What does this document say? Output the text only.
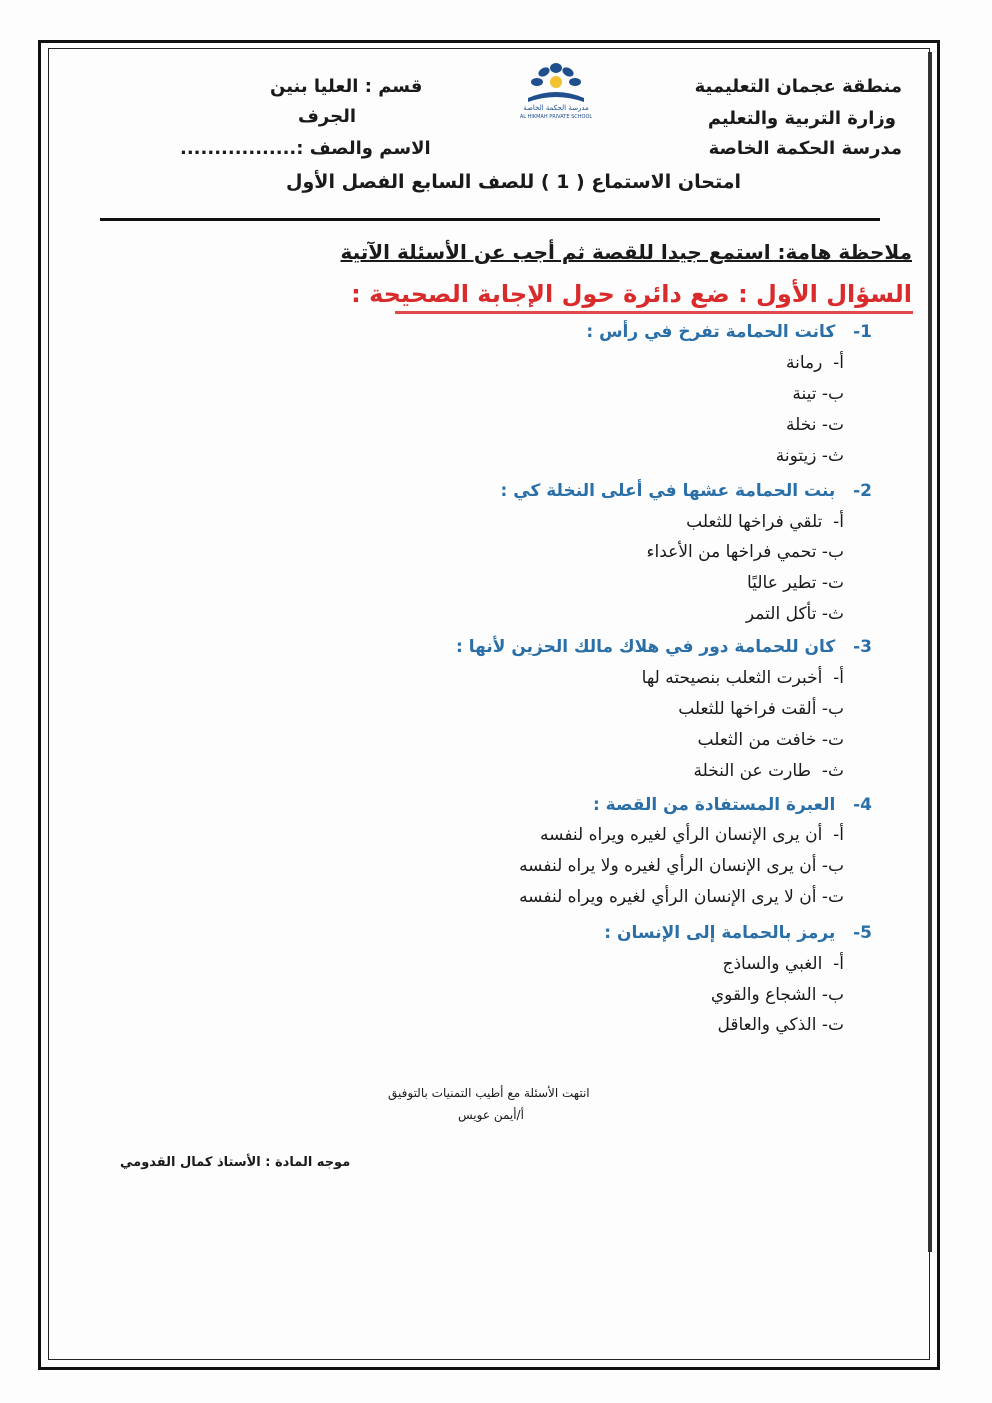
منطقة عجمان التعليمية
وزارة التربية والتعليم
مدرسة الحكمة الخاصة
قسم : العليا بنين
الجرف
الاسم والصف :.................
مدرسة الحكمة الخاصة
AL HIKMAH PRIVATE SCHOOL
امتحان الاستماع ( 1 ) للصف السابع الفصل الأول
ملاحظة هامة: استمع جيدا للقصة ثم أجب عن الأسئلة الآتية
السؤال الأول : ضع دائرة حول الإجابة الصحيحة :
1-   كانت الحمامة تفرخ في رأس :
أ-  رمانة
ب- تينة
ت- نخلة
ث- زيتونة
2-   بنت الحمامة عشها في أعلى النخلة كي :
أ-  تلقي فراخها للثعلب
ب- تحمي فراخها من الأعداء
ت- تطير عاليًا
ث- تأكل التمر
3-   كان للحمامة دور في هلاك مالك الحزين لأنها :
أ-  أخبرت الثعلب بنصيحته لها
ب- ألقت فراخها للثعلب
ت- خافت من الثعلب
ث-  طارت عن النخلة
4-   العبرة المستفادة من القصة :
أ-  أن يرى الإنسان الرأي لغيره ويراه لنفسه
ب- أن يرى الإنسان الرأي لغيره ولا يراه لنفسه
ت- أن لا يرى الإنسان الرأي لغيره ويراه لنفسه
5-   يرمز بالحمامة إلى الإنسان :
أ-  الغبي والساذج
ب- الشجاع والقوي
ت- الذكي والعاقل
انتهت الأسئلة مع أطيب التمنيات بالتوفيق
أ/أيمن عويس
موجه المادة : الأستاذ كمال القدومي
